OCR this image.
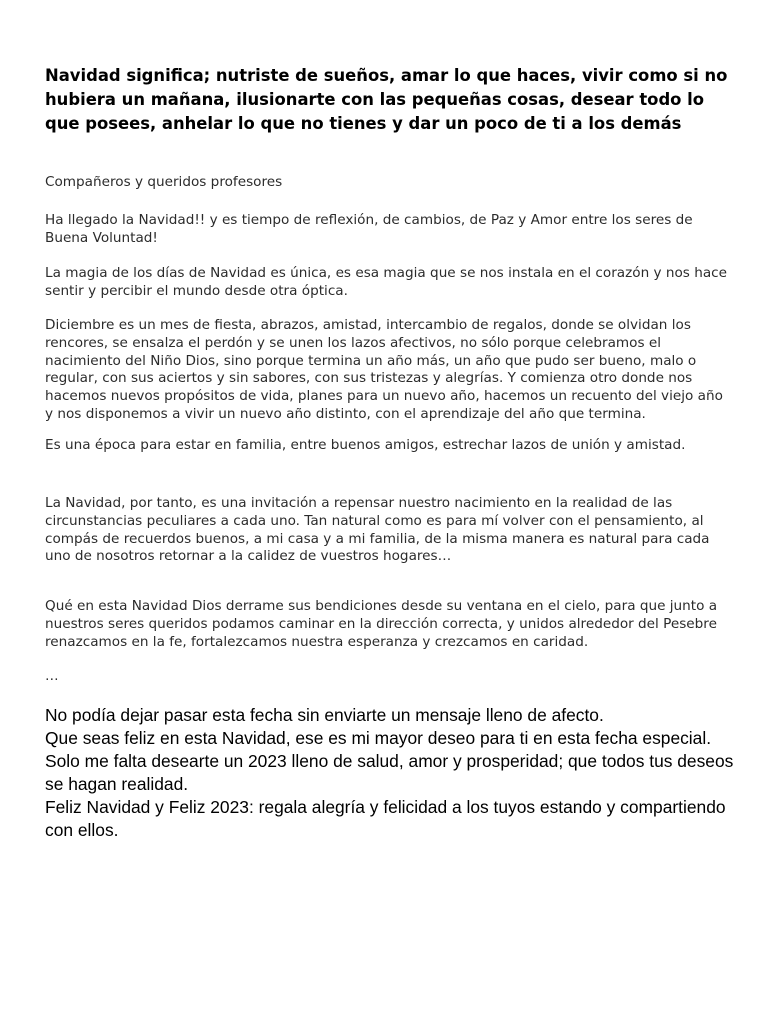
Navidad significa; nutriste de sueños, amar lo que haces, vivir como si no hubiera un mañana, ilusionarte con las pequeñas cosas, desear todo lo que posees, anhelar lo que no tienes y dar un poco de ti a los demás

Compañeros y queridos profesores

Ha llegado la Navidad!! y es tiempo de reflexión, de cambios, de Paz y Amor entre los seres de Buena Voluntad!

La magia de los días de Navidad es única, es esa magia que se nos instala en el corazón y nos hace sentir y percibir el mundo desde otra óptica.

Diciembre es un mes de fiesta, abrazos, amistad, intercambio de regalos, donde se olvidan los rencores, se ensalza el perdón y se unen los lazos afectivos, no sólo porque celebramos el nacimiento del Niño Dios, sino porque termina un año más, un año que pudo ser bueno, malo o regular, con sus aciertos y sin sabores, con sus tristezas y alegrías. Y comienza otro donde nos hacemos nuevos propósitos de vida, planes para un nuevo año, hacemos un recuento del viejo año y nos disponemos a vivir un nuevo año distinto, con el aprendizaje del año que termina.

Es una época para estar en familia, entre buenos amigos, estrechar lazos de unión y amistad.

La Navidad, por tanto, es una invitación a repensar nuestro nacimiento en la realidad de las circunstancias peculiares a cada uno. Tan natural como es para mí volver con el pensamiento, al compás de recuerdos buenos, a mi casa y a mi familia, de la misma manera es natural para cada uno de nosotros retornar a la calidez de vuestros hogares…

Qué en esta Navidad Dios derrame sus bendiciones desde su ventana en el cielo, para que junto a nuestros seres queridos podamos caminar en la dirección correcta, y unidos alrededor del Pesebre renazcamos en la fe, fortalezcamos nuestra esperanza y crezcamos en caridad.

…

No podía dejar pasar esta fecha sin enviarte un mensaje lleno de afecto.

Que seas feliz en esta Navidad, ese es mi mayor deseo para ti en esta fecha especial.

Solo me falta desearte un 2023 lleno de salud, amor y prosperidad; que todos tus deseos se hagan realidad.

Feliz Navidad y Feliz 2023: regala alegría y felicidad a los tuyos estando y compartiendo con ellos.
